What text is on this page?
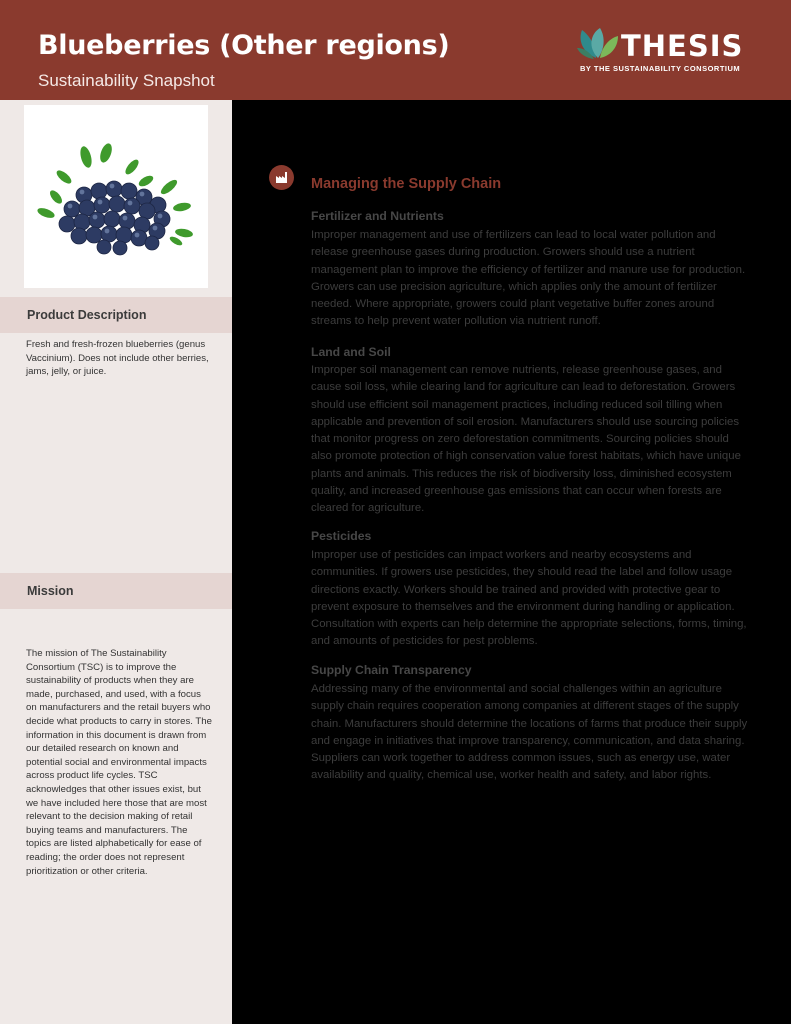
Blueberries (Other regions)
Sustainability Snapshot
THESIS
BY THE SUSTAINABILITY CONSORTIUM
Product Description
Fresh and fresh-frozen blueberries (genus Vaccinium). Does not include other berries, jams, jelly, or juice.
Mission
The mission of The Sustainability Consortium (TSC) is to improve the sustainability of products when they are made, purchased, and used, with a focus on manufacturers and the retail buyers who decide what products to carry in stores. The information in this document is drawn from our detailed research on known and potential social and environmental impacts across product life cycles. TSC acknowledges that other issues exist, but we have included here those that are most relevant to the decision making of retail buying teams and manufacturers. The topics are listed alphabetically for ease of reading; the order does not represent prioritization or other criteria.
Managing the Supply Chain
Fertilizer and Nutrients
Improper management and use of fertilizers can lead to local water pollution and release greenhouse gases during production. Growers should use a nutrient management plan to improve the efficiency of fertilizer and manure use for production. Growers can use precision agriculture, which applies only the amount of fertilizer needed. Where appropriate, growers could plant vegetative buffer zones around streams to help prevent water pollution via nutrient runoff.
Land and Soil
Improper soil management can remove nutrients, release greenhouse gases, and cause soil loss, while clearing land for agriculture can lead to deforestation. Growers should use efficient soil management practices, including reduced soil tilling when applicable and prevention of soil erosion. Manufacturers should use sourcing policies that monitor progress on zero deforestation commitments. Sourcing policies should also promote protection of high conservation value forest habitats, which have unique plants and animals. This reduces the risk of biodiversity loss, diminished ecosystem quality, and increased greenhouse gas emissions that can occur when forests are cleared for agriculture.
Pesticides
Improper use of pesticides can impact workers and nearby ecosystems and communities. If growers use pesticides, they should read the label and follow usage directions exactly. Workers should be trained and provided with protective gear to prevent exposure to themselves and the environment during handling or application. Consultation with experts can help determine the appropriate selections, forms, timing, and amounts of pesticides for pest problems.
Supply Chain Transparency
Addressing many of the environmental and social challenges within an agriculture supply chain requires cooperation among companies at different stages of the supply chain. Manufacturers should determine the locations of farms that produce their supply and engage in initiatives that improve transparency, communication, and data sharing. Suppliers can work together to address common issues, such as energy use, water availability and quality, chemical use, worker health and safety, and labor rights.
